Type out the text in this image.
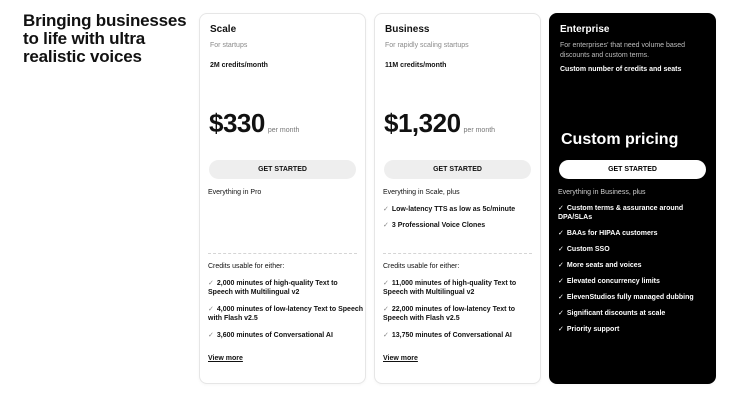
Bringing businesses to life with ultra realistic voices
Scale
For startups
2M credits/month
$330 per month
GET STARTED
Everything in Pro
Credits usable for either:
✓ 2,000 minutes of high-quality Text to Speech with Multilingual v2
✓ 4,000 minutes of low-latency Text to Speech with Flash v2.5
✓ 3,600 minutes of Conversational AI
View more
Business
For rapidly scaling startups
11M credits/month
$1,320 per month
GET STARTED
Everything in Scale, plus
✓ Low-latency TTS as low as 5c/minute
✓ 3 Professional Voice Clones
Credits usable for either:
✓ 11,000 minutes of high-quality Text to Speech with Multilingual v2
✓ 22,000 minutes of low-latency Text to Speech with Flash v2.5
✓ 13,750 minutes of Conversational AI
View more
Enterprise
For enterprises' that need volume based discounts and custom terms.
Custom number of credits and seats
Custom pricing
GET STARTED
Everything in Business, plus
✓ Custom terms & assurance around DPA/SLAs
✓ BAAs for HIPAA customers
✓ Custom SSO
✓ More seats and voices
✓ Elevated concurrency limits
✓ ElevenStudios fully managed dubbing
✓ Significant discounts at scale
✓ Priority support
